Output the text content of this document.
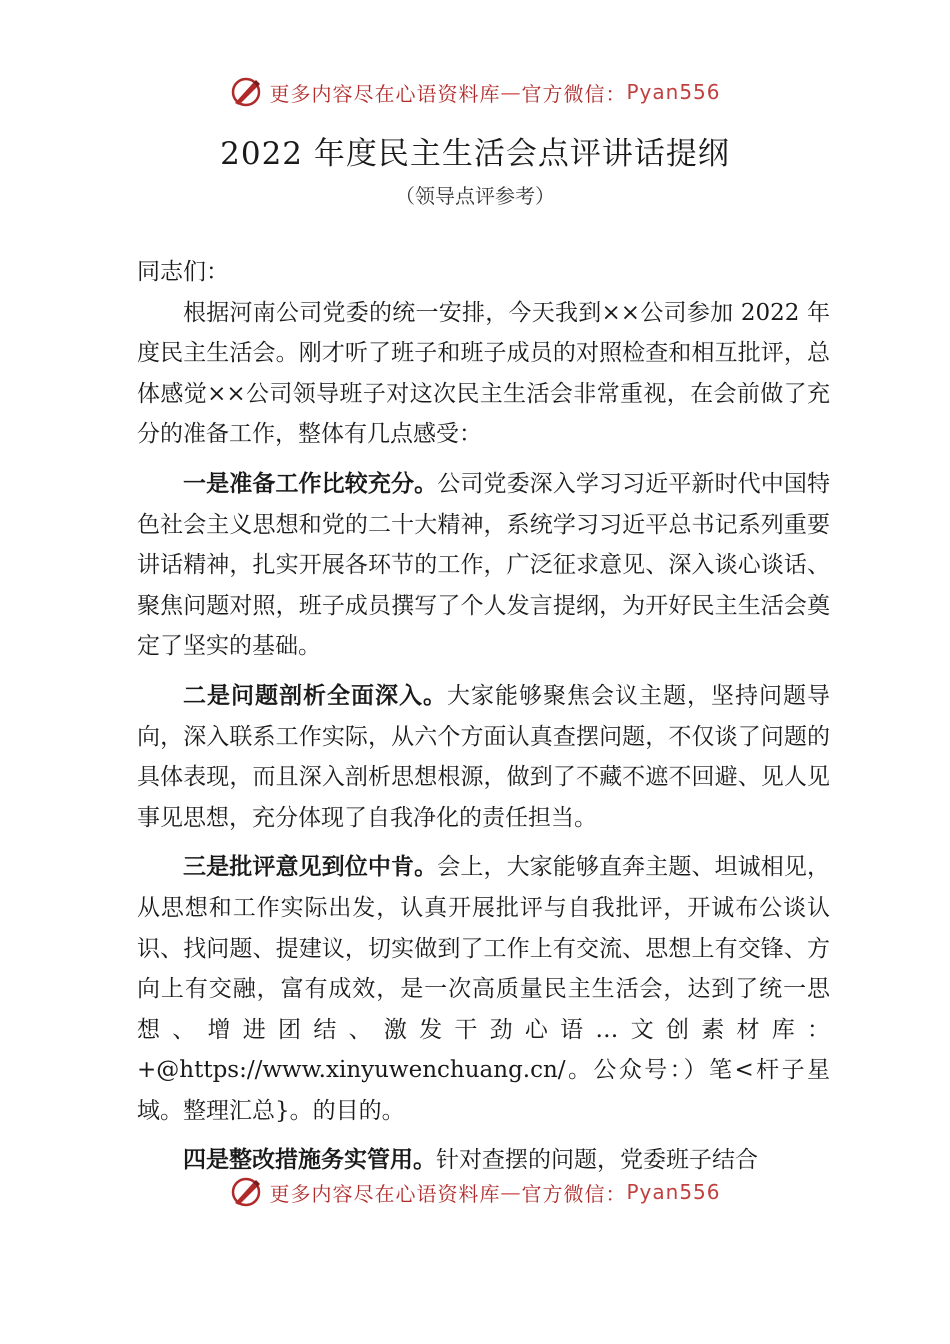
更多内容尽在心语资料库 — 官方微信： Pyan556
2022 年度民主生活会点评讲话提纲
（领导点评参考）

同志们：

根据河南公司党委的统一安排，今天我到××公司参加 2022 年度民主生活会。刚才听了班子和班子成员的对照检查和相互批评，总体感觉××公司领导班子对这次民主生活会非常重视，在会前做了充分的准备工作，整体有几点感受：

一是准备工作比较充分。公司党委深入学习习近平新时代中国特色社会主义思想和党的二十大精神，系统学习习近平总书记系列重要讲话精神，扎实开展各环节的工作，广泛征求意见、深入谈心谈话、聚焦问题对照，班子成员撰写了个人发言提纲，为开好民主生活会奠定了坚实的基础。

二是问题剖析全面深入。大家能够聚焦会议主题，坚持问题导向，深入联系工作实际，从六个方面认真查摆问题，不仅谈了问题的具体表现，而且深入剖析思想根源，做到了不藏不遮不回避、见人见事见思想，充分体现了自我净化的责任担当。

三是批评意见到位中肯。会上，大家能够直奔主题、坦诚相见，从思想和工作实际出发，认真开展批评与自我批评，开诚布公谈认识、找问题、提建议，切实做到了工作上有交流、思想上有交锋、方向上有交融，富有成效，是一次高质量民主生活会，达到了统一思想、增进团结、激发干劲心语…文创素材库：+@https://www.xinyuwenchuang.cn/。公众号：）笔<杆子星域。整理汇总}。的目的。

四是整改措施务实管用。针对查摆的问题，党委班子结合

更多内容尽在心语资料库 — 官方微信： Pyan556
